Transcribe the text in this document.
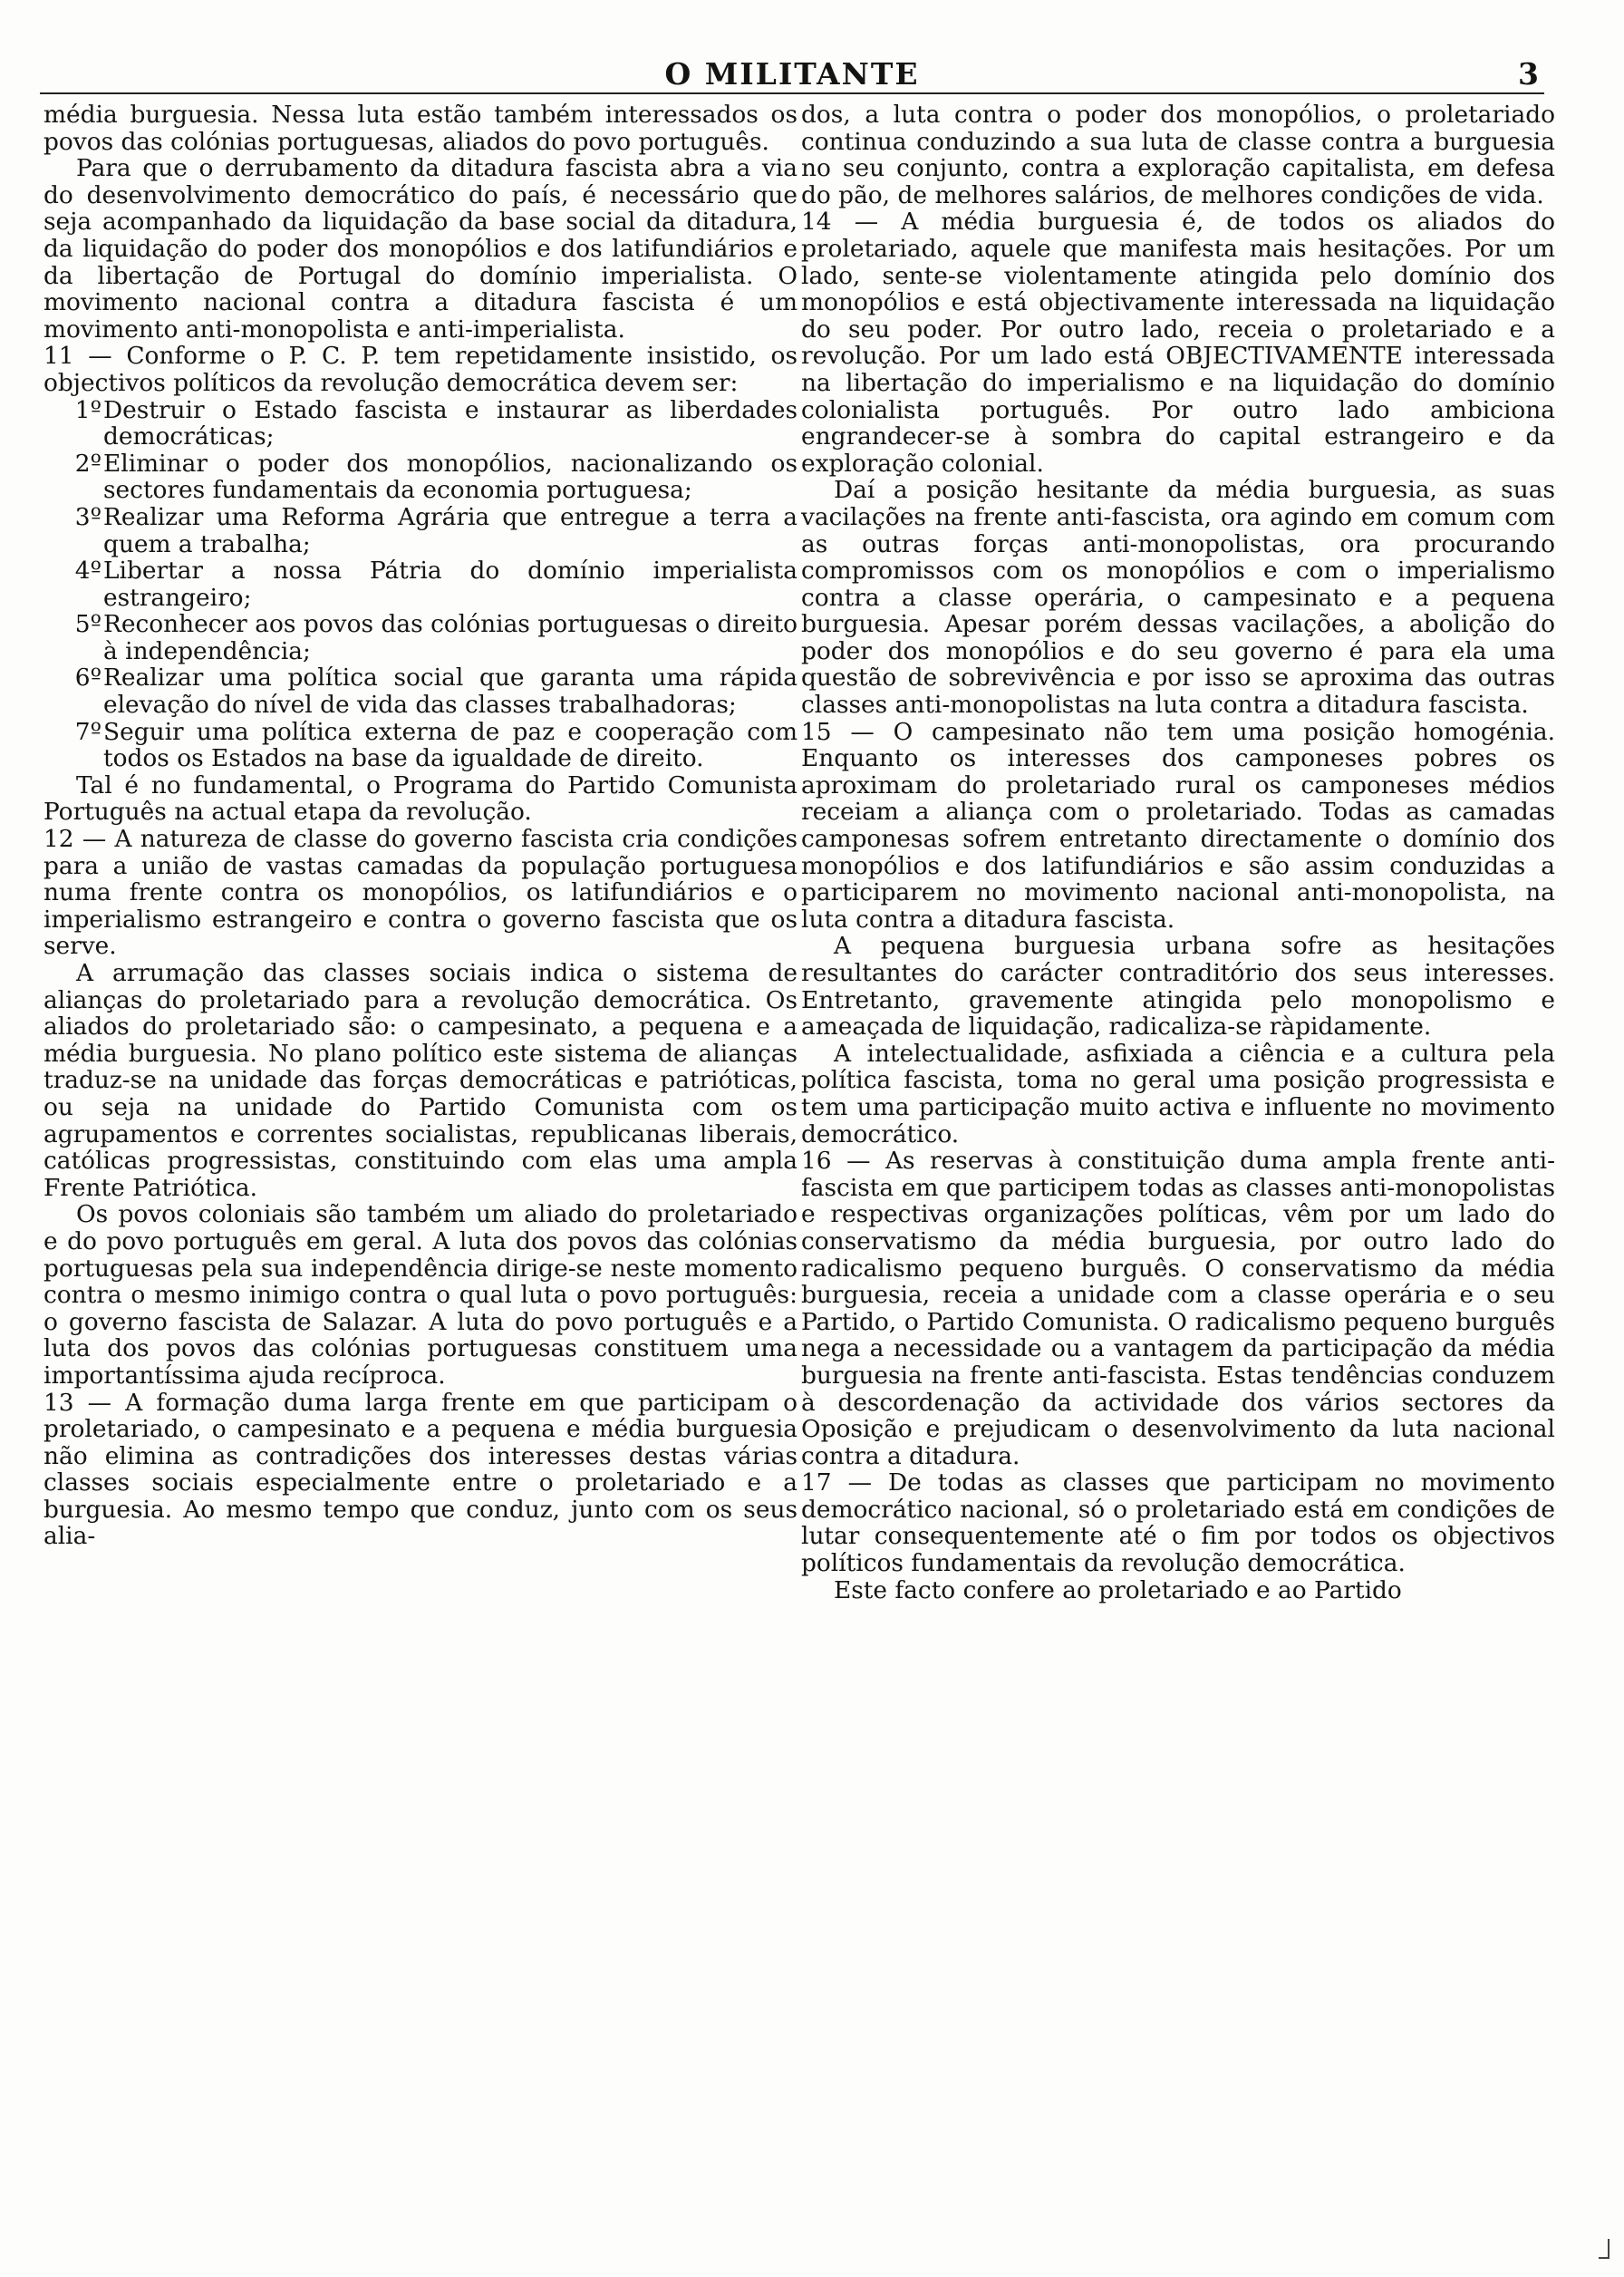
O MILITANTE	3

média burguesia. Nessa luta estão também interessados os povos das colónias portuguesas, aliados do povo português.

Para que o derrubamento da ditadura fascista abra a via do desenvolvimento democrático do país, é necessário que seja acompanhado da liquidação da base social da ditadura, da liquidação do poder dos monopólios e dos latifundiários e da libertação de Portugal do domínio imperialista. O movimento nacional contra a ditadura fascista é um movimento anti-monopolista e anti-imperialista.

11 — Conforme o P. C. P. tem repetidamente insistido, os objectivos políticos da revolução democrática devem ser:

1º Destruir o Estado fascista e instaurar as liberdades democráticas;
2º Eliminar o poder dos monopólios, nacionalizando os sectores fundamentais da economia portuguesa;
3º Realizar uma Reforma Agrária que entregue a terra a quem a trabalha;
4º Libertar a nossa Pátria do domínio imperialista estrangeiro;
5º Reconhecer aos povos das colónias portuguesas o direito à independência;
6º Realizar uma política social que garanta uma rápida elevação do nível de vida das classes trabalhadoras;
7º Seguir uma política externa de paz e cooperação com todos os Estados na base da igualdade de direito.

Tal é no fundamental, o Programa do Partido Comunista Português na actual etapa da revolução.

12 — A natureza de classe do governo fascista cria condições para a união de vastas camadas da população portuguesa numa frente contra os monopólios, os latifundiários e o imperialismo estrangeiro e contra o governo fascista que os serve.

A arrumação das classes sociais indica o sistema de alianças do proletariado para a revolução democrática. Os aliados do proletariado são: o campesinato, a pequena e a média burguesia. No plano político este sistema de alianças traduz-se na unidade das forças democráticas e patrióticas, ou seja na unidade do Partido Comunista com os agrupamentos e correntes socialistas, republicanas liberais, católicas progressistas, constituindo com elas uma ampla Frente Patriótica.

Os povos coloniais são também um aliado do proletariado e do povo português em geral. A luta dos povos das colónias portuguesas pela sua independência dirige-se neste momento contra o mesmo inimigo contra o qual luta o povo português: o governo fascista de Salazar. A luta do povo português e a luta dos povos das colónias portuguesas constituem uma importantíssima ajuda recíproca.

13 — A formação duma larga frente em que participam o proletariado, o campesinato e a pequena e média burguesia não elimina as contradições dos interesses destas várias classes sociais especialmente entre o proletariado e a burguesia. Ao mesmo tempo que conduz, junto com os seus alia-

dos, a luta contra o poder dos monopólios, o proletariado continua conduzindo a sua luta de classe contra a burguesia no seu conjunto, contra a exploração capitalista, em defesa do pão, de melhores salários, de melhores condições de vida.

14 — A média burguesia é, de todos os aliados do proletariado, aquele que manifesta mais hesitações. Por um lado, sente-se violentamente atingida pelo domínio dos monopólios e está objectivamente interessada na liquidação do seu poder. Por outro lado, receia o proletariado e a revolução. Por um lado está OBJECTIVAMENTE interessada na libertação do imperialismo e na liquidação do domínio colonialista português. Por outro lado ambiciona engrandecer-se à sombra do capital estrangeiro e da exploração colonial.

Daí a posição hesitante da média burguesia, as suas vacilações na frente anti-fascista, ora agindo em comum com as outras forças anti-monopolistas, ora procurando compromissos com os monopólios e com o imperialismo contra a classe operária, o campesinato e a pequena burguesia. Apesar porém dessas vacilações, a abolição do poder dos monopólios e do seu governo é para ela uma questão de sobrevivência e por isso se aproxima das outras classes anti-monopolistas na luta contra a ditadura fascista.

15 — O campesinato não tem uma posição homogénia. Enquanto os interesses dos camponeses pobres os aproximam do proletariado rural os camponeses médios receiam a aliança com o proletariado. Todas as camadas camponesas sofrem entretanto directamente o domínio dos monopólios e dos latifundiários e são assim conduzidas a participarem no movimento nacional anti-monopolista, na luta contra a ditadura fascista.

A pequena burguesia urbana sofre as hesitações resultantes do carácter contraditório dos seus interesses. Entretanto, gravemente atingida pelo monopolismo e ameaçada de liquidação, radicaliza-se ràpidamente.

A intelectualidade, asfixiada a ciência e a cultura pela política fascista, toma no geral uma posição progressista e tem uma participação muito activa e influente no movimento democrático.

16 — As reservas à constituição duma ampla frente anti-fascista em que participem todas as classes anti-monopolistas e respectivas organizações políticas, vêm por um lado do conservatismo da média burguesia, por outro lado do radicalismo pequeno burguês. O conservatismo da média burguesia, receia a unidade com a classe operária e o seu Partido, o Partido Comunista. O radicalismo pequeno burguês nega a necessidade ou a vantagem da participação da média burguesia na frente anti-fascista. Estas tendências conduzem à descordenação da actividade dos vários sectores da Oposição e prejudicam o desenvolvimento da luta nacional contra a ditadura.

17 — De todas as classes que participam no movimento democrático nacional, só o proletariado está em condições de lutar consequentemente até o fim por todos os objectivos políticos fundamentais da revolução democrática.

Este facto confere ao proletariado e ao Partido
